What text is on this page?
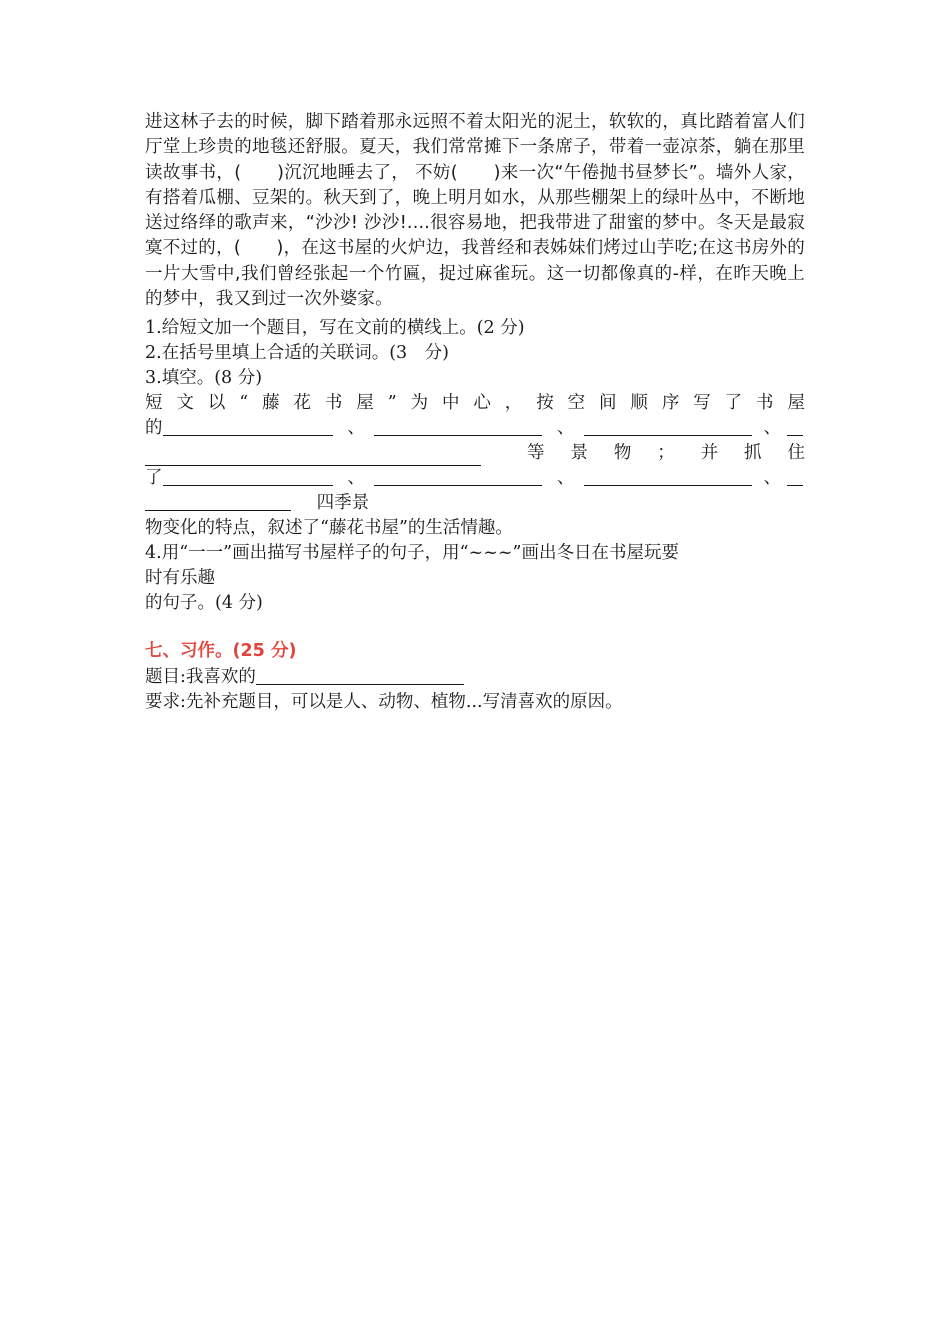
进这林子去的时候，脚下踏着那永远照不着太阳光的泥土，软软的，真比踏着富人们厅堂上珍贵的地毯还舒服。夏天，我们常常摊下一条席子，带着一壶凉茶，躺在那里读故事书，(　　)沉沉地睡去了， 不妨(　　)来一次“午倦抛书昼梦长”。墙外人家，有搭着瓜棚、豆架的。秋天到了，晚上明月如水，从那些棚架上的绿叶丛中，不断地送过络绎的歌声来，“沙沙! 沙沙!....很容易地，把我带进了甜蜜的梦中。冬天是最寂寞不过的，(　　)，在这书屋的火炉边，我普经和表姊妹们烤过山芋吃;在这书房外的一片大雪中,我们曾经张起一个竹匾，捉过麻雀玩。这一切都像真的-样，在昨天晚上的梦中，我又到过一次外婆家。

1.给短文加一个题目，写在文前的横线上。(2 分)
2.在括号里填上合适的关联词。(3　分)
3.填空。(8 分)
短 文 以 “ 藤 花 书 屋 ” 为 中 心 ， 按 空 间 顺 序 写 了 书 屋
的	、	、	、
等 景 物 ； 并 抓 住
了	、	、	、
四季景
物变化的特点，叙述了“藤花书屋”的生活情趣。
4.用“一一”画出描写书屋样子的句子，用“~~~”画出冬日在书屋玩要
时有乐趣
的句子。(4 分)
七、习作。(25 分)
题目:我喜欢的
要求:先补充题目，可以是人、动物、植物...写清喜欢的原因。
